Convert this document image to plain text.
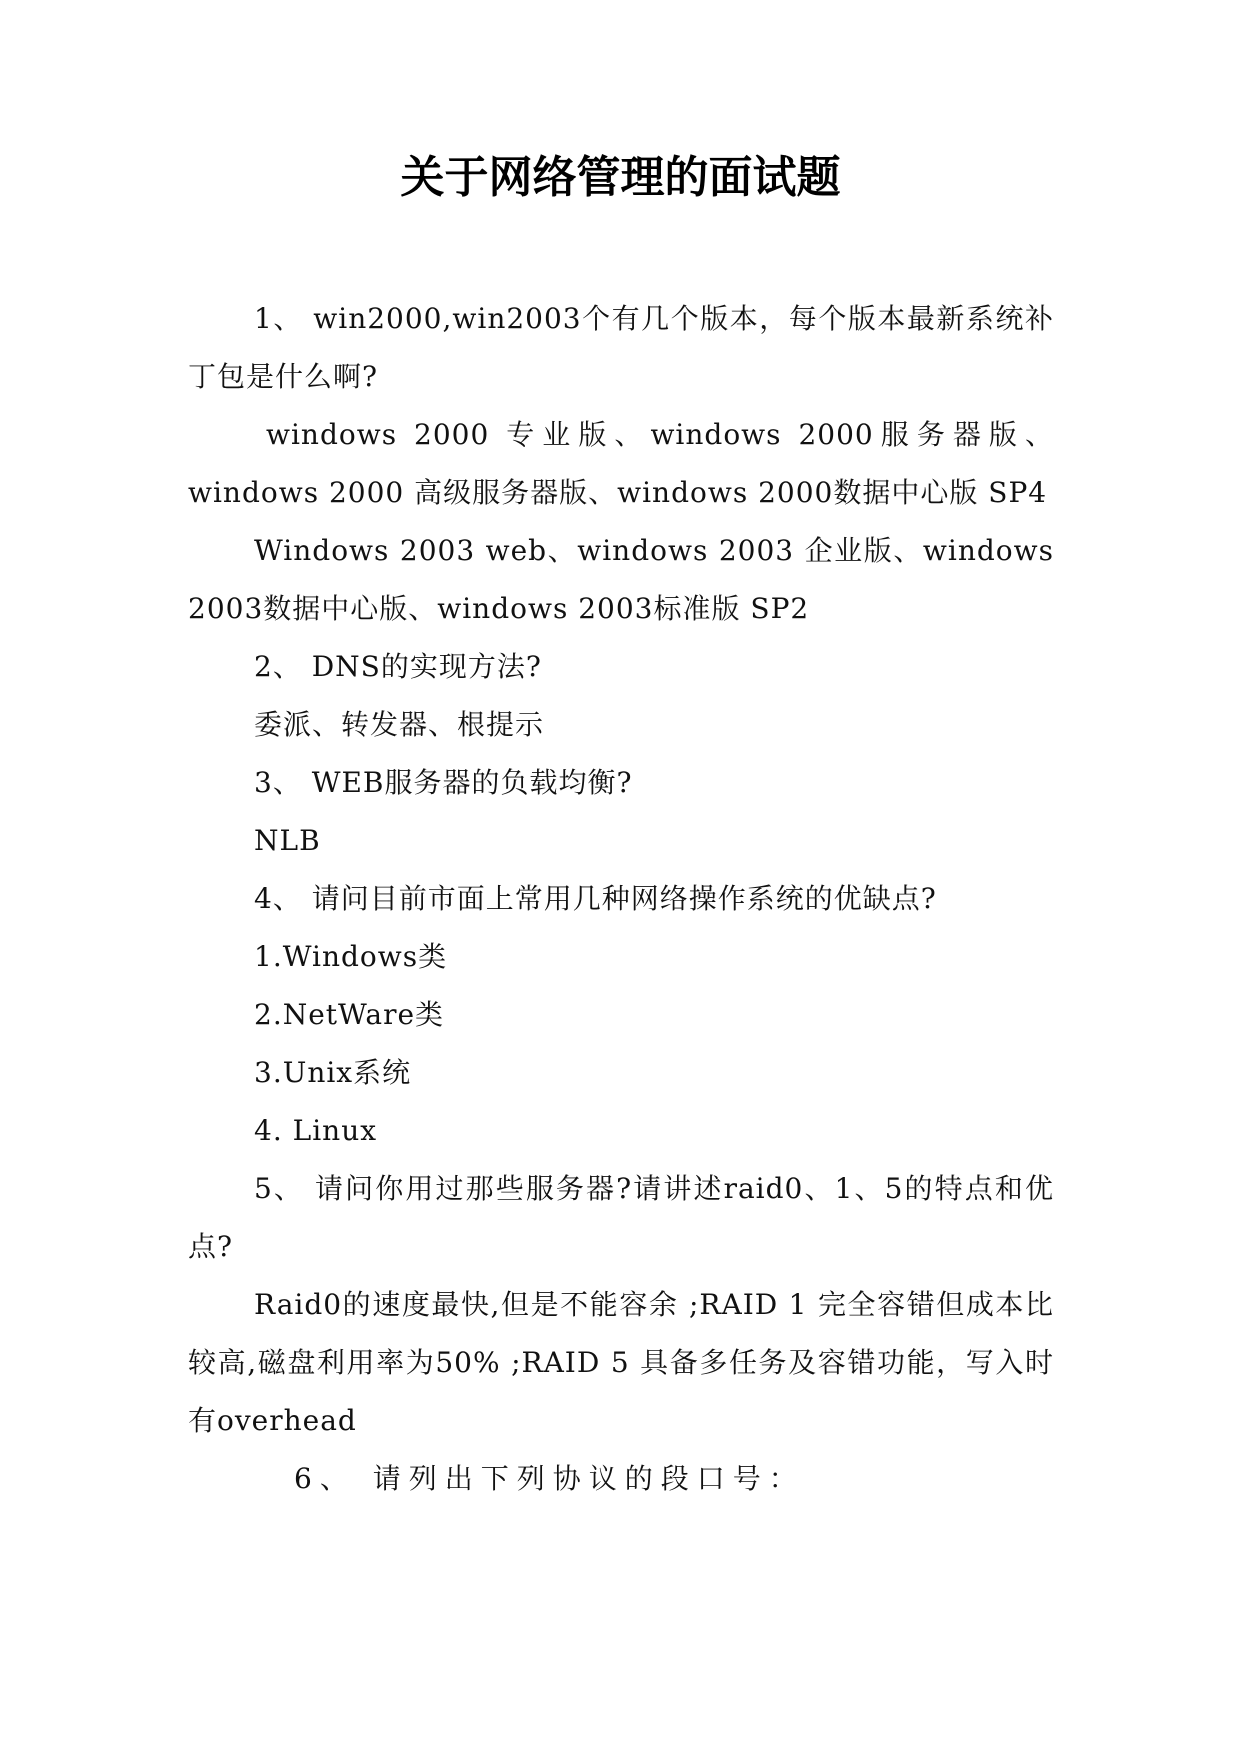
关于网络管理的面试题

1、 win2000,win2003个有几个版本，每个版本最新系统补丁包是什么啊?

windows 2000 专业版、windows 2000服务器版、windows 2000 高级服务器版、windows 2000数据中心版 SP4

Windows 2003 web、windows 2003 企业版、windows 2003数据中心版、windows 2003标准版 SP2

2、 DNS的实现方法?

委派、转发器、根提示

3、 WEB服务器的负载均衡?

NLB

4、 请问目前市面上常用几种网络操作系统的优缺点?

1.Windows类

2.NetWare类

3.Unix系统

4. Linux

5、 请问你用过那些服务器?请讲述raid0、1、5的特点和优点?

Raid0的速度最快,但是不能容余 ;RAID 1 完全容错但成本比较高,磁盘利用率为50% ;RAID 5 具备多任务及容错功能，写入时有overhead

6、 请列出下列协议的段口号：
